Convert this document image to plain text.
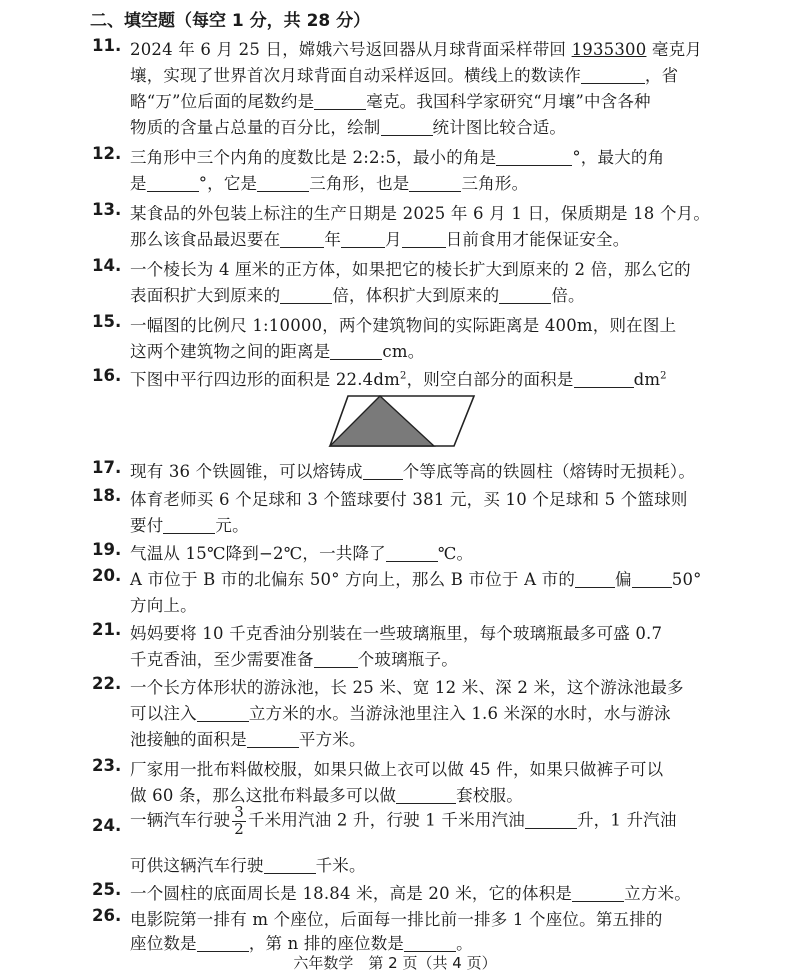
二、填空题（每空 1 分，共 28 分）
11. 2024 年 6 月 25 日，嫦娥六号返回器从月球背面采样带回 1935300 毫克月
壤，实现了世界首次月球背面自动采样返回。横线上的数读作	，省
略“万”位后面的尾数约是	毫克。我国科学家研究“月壤”中含各种
物质的含量占总量的百分比，绘制	统计图比较合适。
12. 三角形中三个内角的度数比是 2:2:5，最小的角是	°，最大的角
是	°，它是	三角形，也是	三角形。
13. 某食品的外包装上标注的生产日期是 2025 年 6 月 1 日，保质期是 18 个月。
那么该食品最迟要在	年	月	日前食用才能保证安全。
14. 一个棱长为 4 厘米的正方体，如果把它的棱长扩大到原来的 2 倍，那么它的
表面积扩大到原来的	倍，体积扩大到原来的	倍。
15. 一幅图的比例尺 1:10000，两个建筑物间的实际距离是 400m，则在图上
这两个建筑物之间的距离是	cm。
16. 下图中平行四边形的面积是 $22.4dm^2$，则空白部分的面积是	$dm^2$
17. 现有 36 个铁圆锥，可以熔铸成 个等底等高的铁圆柱（熔铸时无损耗）。
18. 体育老师买 6 个足球和 3 个篮球要付 381 元，买 10 个足球和 5 个篮球则
要付	元。
19. 气温从 15℃降到−2℃，一共降了	℃。
20. A 市位于 B 市的北偏东 50° 方向上，那么 B 市位于 A 市的 偏 50°
方向上。
21. 妈妈要将 10 千克香油分别装在一些玻璃瓶里，每个玻璃瓶最多可盛 0.7
千克香油，至少需要准备	个玻璃瓶子。
22. 一个长方体形状的游泳池，长 25 米、宽 12 米、深 2 米，这个游泳池最多
可以注入	立方米的水。当游泳池里注入 1.6 米深的水时，水与游泳
池接触的面积是	平方米。
23. 厂家用一批布料做校服，如果只做上衣可以做 45 件，如果只做裤子可以
做 60 条，那么这批布料最多可以做	套校服。
24. 一辆汽车行驶 $\frac{3}{2}$ 千米用汽油 2 升，行驶 1 千米用汽油	升，1 升汽油
可供这辆汽车行驶	千米。
25. 一个圆柱的底面周长是 18.84 米，高是 20 米，它的体积是	立方米。
26. 电影院第一排有 m 个座位，后面每一排比前一排多 1 个座位。第五排的
座位数是	，第 n 排的座位数是	。
六年数学　第 2 页（共 4 页）
